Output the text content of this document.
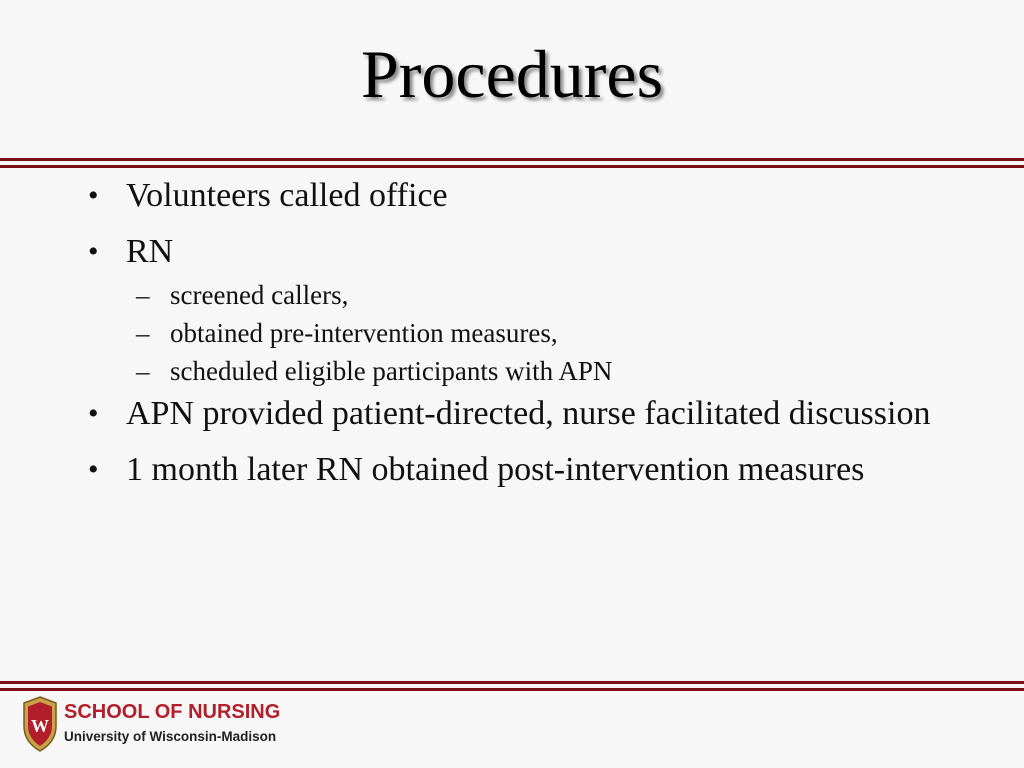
Procedures
• Volunteers called office
• RN
– screened callers,
– obtained pre-intervention measures,
– scheduled eligible participants with APN
• APN provided patient-directed, nurse facilitated discussion
• 1 month later RN obtained post-intervention measures
W
SCHOOL OF NURSING
University of Wisconsin-Madison
